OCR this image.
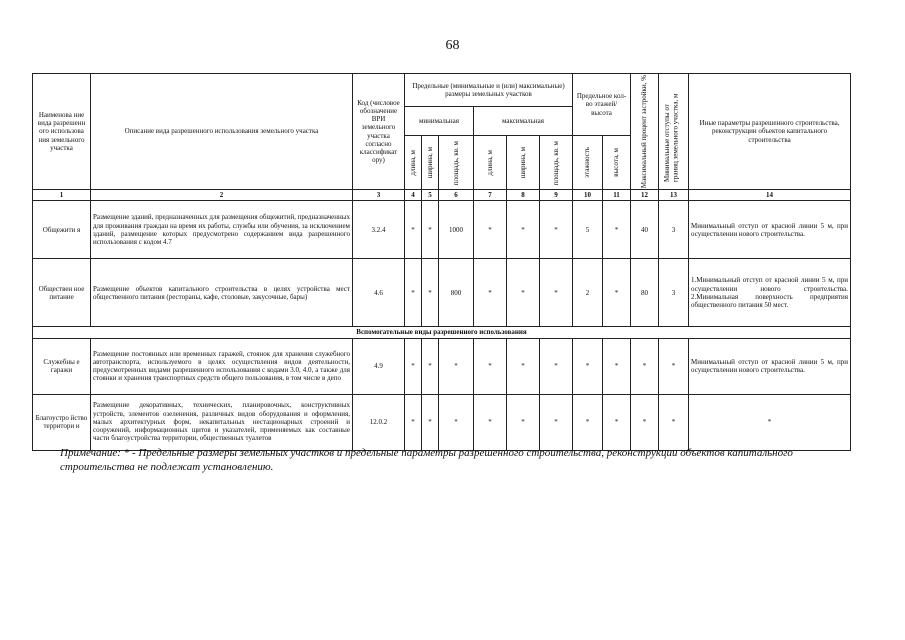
68
Наименова ние вида разрешенн ого использова ния земельного участка	Описание вида разрешенного использования земельного участка	Код (числовое обозначение ВРИ земельного участка согласно классификат ору)	Предельные (минимальные и (или) максимальные) размеры земельных участков						Предельное кол-во этажей/ высота		Максимальный процент застройки, %	Минимальные отступы от границ земельного участка, м	Иные параметры разрешенного строительства, реконструкции объектов капитального строительства
			минимальная			максимальная							

			длина, м	ширина, м	площадь, кв. м	длина, м	ширина, м	площадь, кв. м	этажность	высота, м			

1	2	3	4	5	6	7	8	9	10	11	12	13	14
Общежити я	Размещение зданий, предназначенных для размещения общежитий, предназначенных для проживания граждан на время их работы, службы или обучения, за исключением зданий, размещение которых предусмотрено содержанием вида разрешенного использования с кодом 4.7	3.2.4	*	*	1000	*	*	*	5	*	40	3	Минимальный отступ от красной линии 5 м, при осуществлении нового строительства.
Обществен ное питание	Размещение объектов капитального строительства в целях устройства мест общественного питания (рестораны, кафе, столовые, закусочные, бары)	4.6	*	*	800	*	*	*	2	*	80	3	1.Минимальный отступ от красной линии 5 м, при осуществлении нового строительства. 2.Минимальная поверхность предприятия общественного питания 50 мест.
Вспомогательные виды разрешенного использования													
Служебны е гаражи	Размещение постоянных или временных гаражей, стоянок для хранения служебного автотранспорта, используемого в целях осуществления видов деятельности, предусмотренных видами разрешенного использования с кодами 3.0, 4.0, а также для стоянки и хранения транспортных средств общего пользования, в том числе в депо	4.9	*	*	*	*	*	*	*	*	*	*	Минимальный отступ от красной линии 5 м, при осуществлении нового строительства.
Благоустро йство территори и	Размещение декоративных, технических, планировочных, конструктивных устройств, элементов озеленения, различных видов оборудования и оформления, малых архитектурных форм, некапитальных нестационарных строений и сооружений, информационных щитов и указателей, применяемых как составные части благоустройства территории, общественных туалетов	12.0.2	*	*	*	*	*	*	*	*	*	*	*
Примечание: * - Предельные размеры земельных участков и предельные параметры разрешенного строительства, реконструкции объектов капитального строительства не подлежат установлению.
